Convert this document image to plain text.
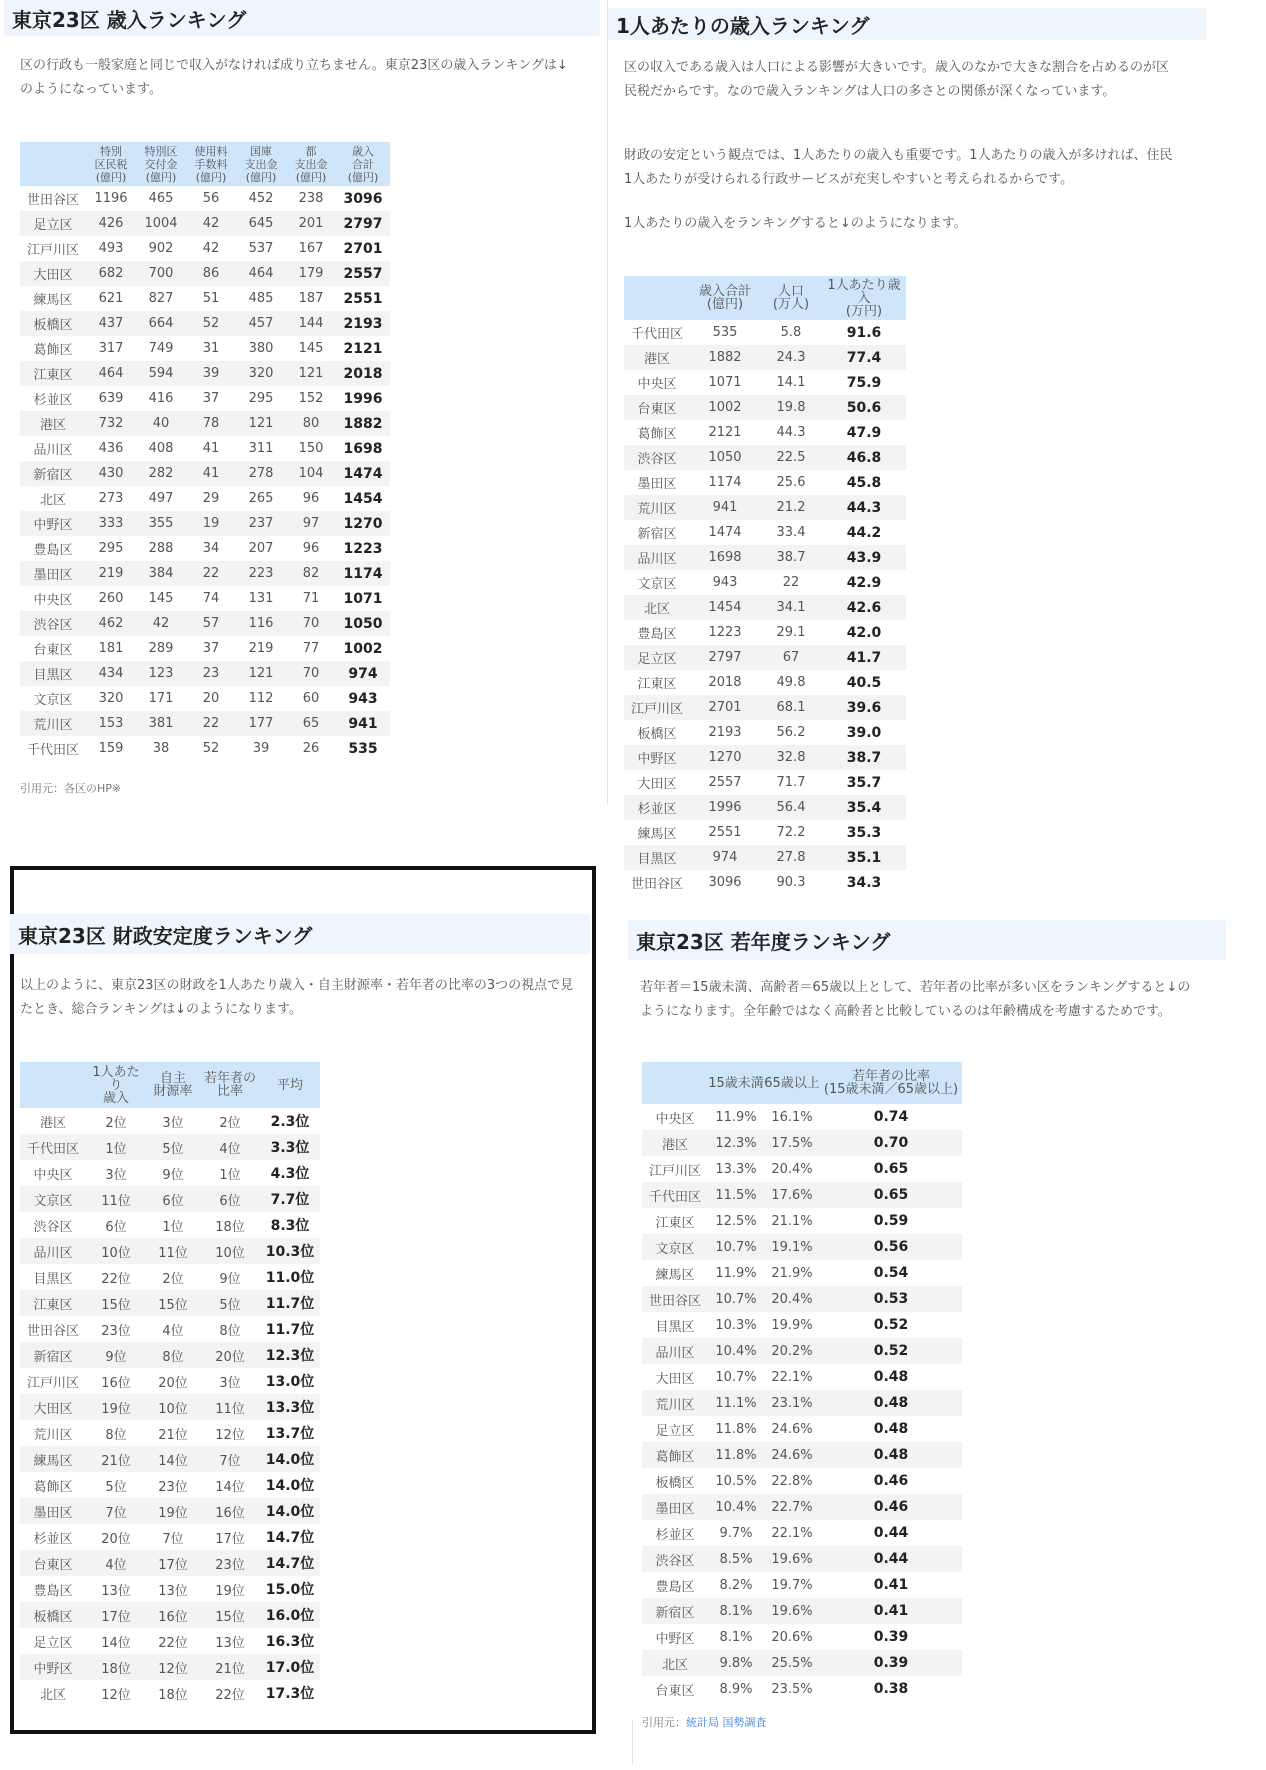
東京23区 歳入ランキング

区の行政も一般家庭と同じで収入がなければ成り立ちません。東京23区の歳入ランキングは↓

のようになっています。

	特別
区民税
(億円)	特別区
交付金
(億円)	使用料
手数料
(億円)	国庫
支出金
(億円)	都
支出金
(億円)	歳入
合計
(億円)
世田谷区	1196	465	56	452	238	3096
足立区	426	1004	42	645	201	2797
江戸川区	493	902	42	537	167	2701
大田区	682	700	86	464	179	2557
練馬区	621	827	51	485	187	2551
板橋区	437	664	52	457	144	2193
葛飾区	317	749	31	380	145	2121
江東区	464	594	39	320	121	2018
杉並区	639	416	37	295	152	1996
港区	732	40	78	121	80	1882
品川区	436	408	41	311	150	1698
新宿区	430	282	41	278	104	1474
北区	273	497	29	265	96	1454
中野区	333	355	19	237	97	1270
豊島区	295	288	34	207	96	1223
墨田区	219	384	22	223	82	1174
中央区	260	145	74	131	71	1071
渋谷区	462	42	57	116	70	1050
台東区	181	289	37	219	77	1002
目黒区	434	123	23	121	70	974
文京区	320	171	20	112	60	943
荒川区	153	381	22	177	65	941
千代田区	159	38	52	39	26	535
引用元：各区のHP※
1人あたりの歳入ランキング

区の収入である歳入は人口による影響が大きいです。歳入のなかで大きな割合を占めるのが区

民税だからです。なので歳入ランキングは人口の多さとの関係が深くなっています。

財政の安定という観点では、1人あたりの歳入も重要です。1人あたりの歳入が多ければ、住民

1人あたりが受けられる行政サービスが充実しやすいと考えられるからです。

1人あたりの歳入をランキングすると↓のようになります。

	歳入合計
(億円)	人口
(万人)	1人あたり歳入
(万円)
千代田区	535	5.8	91.6
港区	1882	24.3	77.4
中央区	1071	14.1	75.9
台東区	1002	19.8	50.6
葛飾区	2121	44.3	47.9
渋谷区	1050	22.5	46.8
墨田区	1174	25.6	45.8
荒川区	941	21.2	44.3
新宿区	1474	33.4	44.2
品川区	1698	38.7	43.9
文京区	943	22	42.9
北区	1454	34.1	42.6
豊島区	1223	29.1	42.0
足立区	2797	67	41.7
江東区	2018	49.8	40.5
江戸川区	2701	68.1	39.6
板橋区	2193	56.2	39.0
中野区	1270	32.8	38.7
大田区	2557	71.7	35.7
杉並区	1996	56.4	35.4
練馬区	2551	72.2	35.3
目黒区	974	27.8	35.1
世田谷区	3096	90.3	34.3
東京23区 財政安定度ランキング

以上のように、東京23区の財政を1人あたり歳入・自主財源率・若年者の比率の3つの視点で見

たとき、総合ランキングは↓のようになります。

	1人あたり
歳入	自主
財源率	若年者の
比率	平均
港区	2位	3位	2位	2.3位
千代田区	1位	5位	4位	3.3位
中央区	3位	9位	1位	4.3位
文京区	11位	6位	6位	7.7位
渋谷区	6位	1位	18位	8.3位
品川区	10位	11位	10位	10.3位
目黒区	22位	2位	9位	11.0位
江東区	15位	15位	5位	11.7位
世田谷区	23位	4位	8位	11.7位
新宿区	9位	8位	20位	12.3位
江戸川区	16位	20位	3位	13.0位
大田区	19位	10位	11位	13.3位
荒川区	8位	21位	12位	13.7位
練馬区	21位	14位	7位	14.0位
葛飾区	5位	23位	14位	14.0位
墨田区	7位	19位	16位	14.0位
杉並区	20位	7位	17位	14.7位
台東区	4位	17位	23位	14.7位
豊島区	13位	13位	19位	15.0位
板橋区	17位	16位	15位	16.0位
足立区	14位	22位	13位	16.3位
中野区	18位	12位	21位	17.0位
北区	12位	18位	22位	17.3位
東京23区 若年度ランキング

若年者＝15歳未満、高齢者＝65歳以上として、若年者の比率が多い区をランキングすると↓の

ようになります。全年齢ではなく高齢者と比較しているのは年齢構成を考慮するためです。

	15歳未満	65歳以上	若年者の比率
(15歳未満／65歳以上)
中央区	11.9%	16.1%	0.74
港区	12.3%	17.5%	0.70
江戸川区	13.3%	20.4%	0.65
千代田区	11.5%	17.6%	0.65
江東区	12.5%	21.1%	0.59
文京区	10.7%	19.1%	0.56
練馬区	11.9%	21.9%	0.54
世田谷区	10.7%	20.4%	0.53
目黒区	10.3%	19.9%	0.52
品川区	10.4%	20.2%	0.52
大田区	10.7%	22.1%	0.48
荒川区	11.1%	23.1%	0.48
足立区	11.8%	24.6%	0.48
葛飾区	11.8%	24.6%	0.48
板橋区	10.5%	22.8%	0.46
墨田区	10.4%	22.7%	0.46
杉並区	9.7%	22.1%	0.44
渋谷区	8.5%	19.6%	0.44
豊島区	8.2%	19.7%	0.41
新宿区	8.1%	19.6%	0.41
中野区	8.1%	20.6%	0.39
北区	9.8%	25.5%	0.39
台東区	8.9%	23.5%	0.38
引用元：統計局 国勢調査
